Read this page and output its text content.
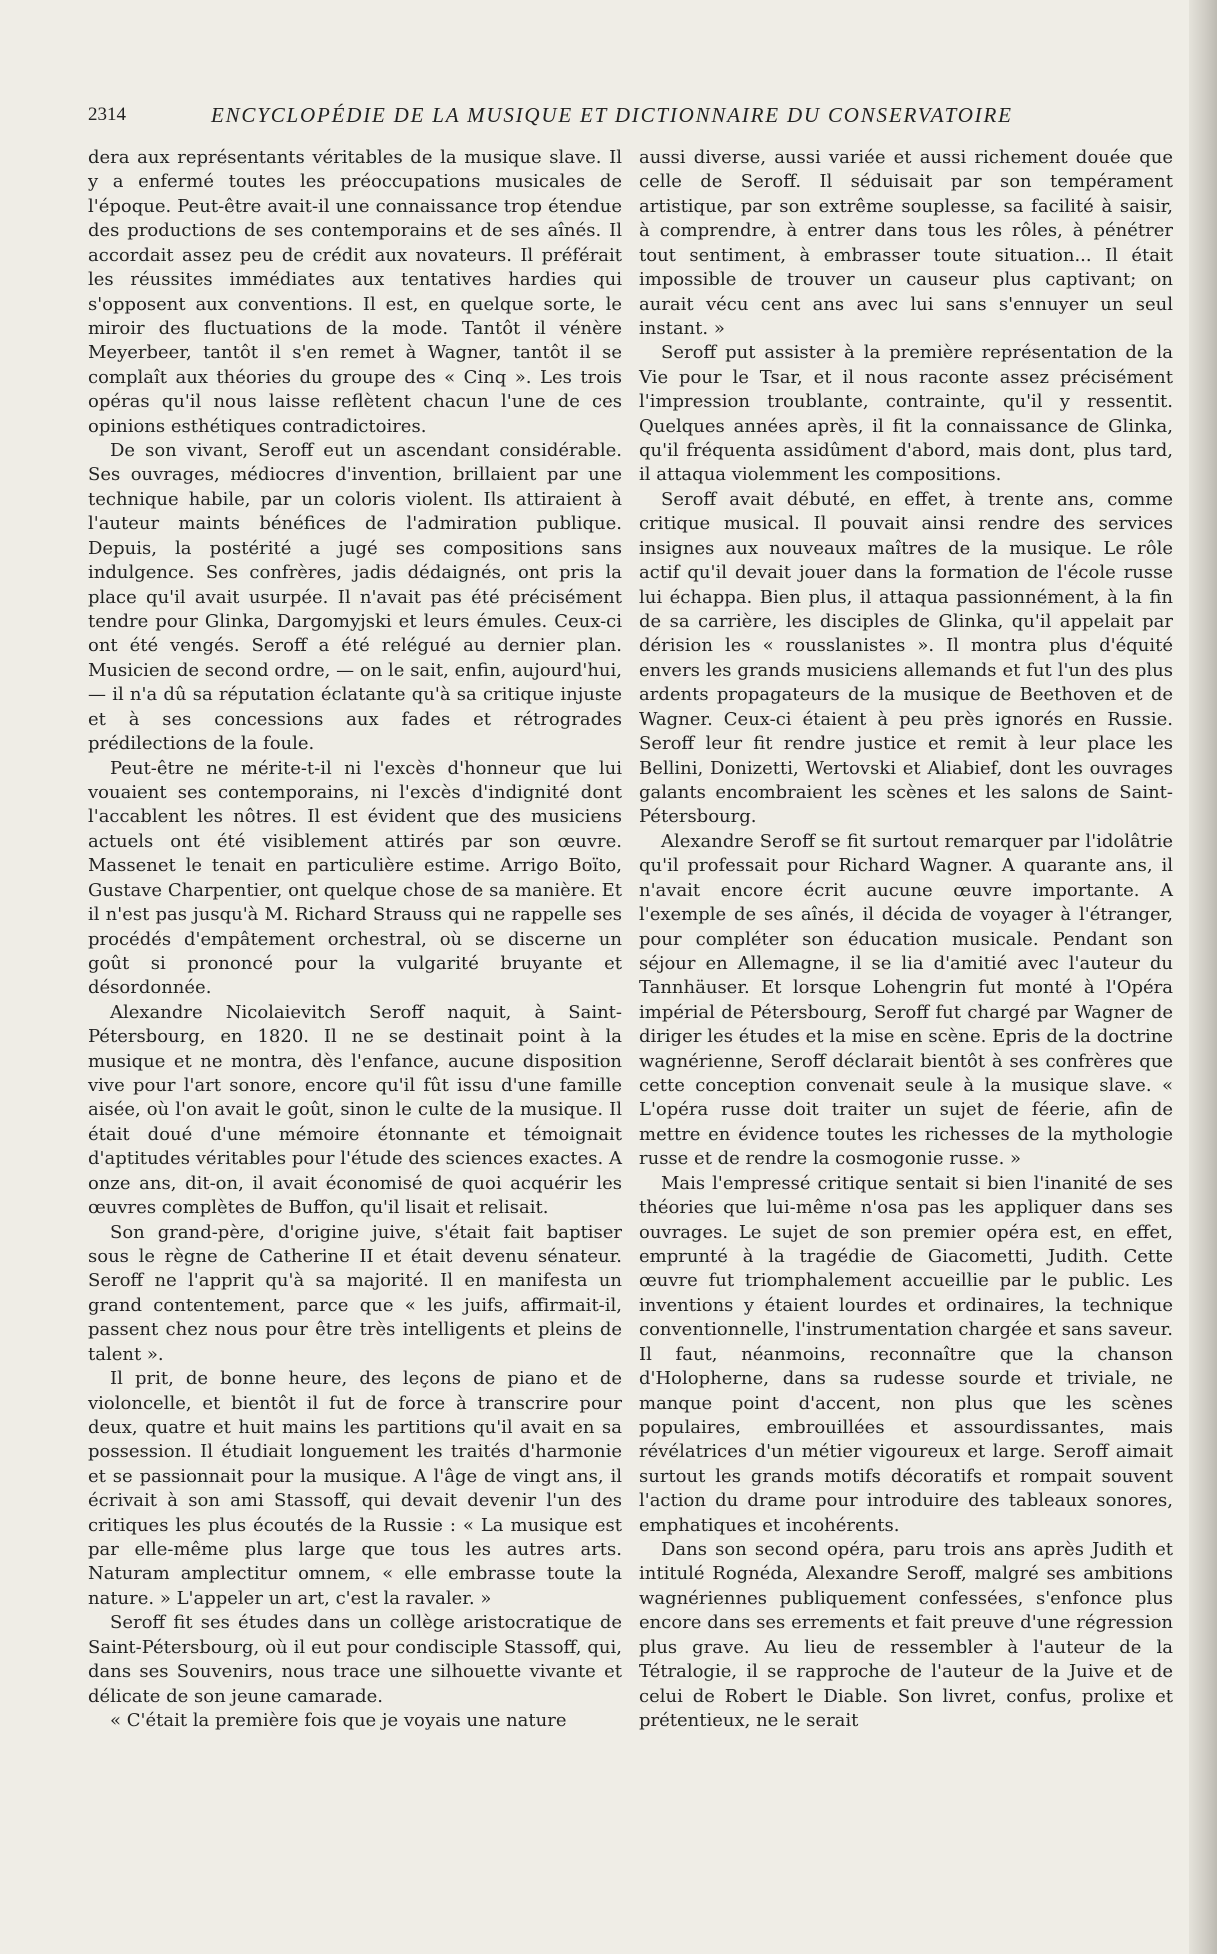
2314	ENCYCLOPÉDIE DE LA MUSIQUE ET DICTIONNAIRE DU CONSERVATOIRE

dera aux représentants véritables de la musique slave. Il y a enfermé toutes les préoccupations musicales de l'époque. Peut-être avait-il une connaissance trop étendue des productions de ses contemporains et de ses aînés. Il accordait assez peu de crédit aux novateurs. Il préférait les réussites immédiates aux tentatives hardies qui s'opposent aux conventions. Il est, en quelque sorte, le miroir des fluctuations de la mode. Tantôt il vénère Meyerbeer, tantôt il s'en remet à Wagner, tantôt il se complaît aux théories du groupe des « Cinq ». Les trois opéras qu'il nous laisse reflètent chacun l'une de ces opinions esthétiques contradictoires.

De son vivant, Seroff eut un ascendant considérable. Ses ouvrages, médiocres d'invention, brillaient par une technique habile, par un coloris violent. Ils attiraient à l'auteur maints bénéfices de l'admiration publique. Depuis, la postérité a jugé ses compositions sans indulgence. Ses confrères, jadis dédaignés, ont pris la place qu'il avait usurpée. Il n'avait pas été précisément tendre pour Glinka, Dargomyjski et leurs émules. Ceux-ci ont été vengés. Seroff a été relégué au dernier plan. Musicien de second ordre, — on le sait, enfin, aujourd'hui, — il n'a dû sa réputation éclatante qu'à sa critique injuste et à ses concessions aux fades et rétrogrades prédilections de la foule.

Peut-être ne mérite-t-il ni l'excès d'honneur que lui vouaient ses contemporains, ni l'excès d'indignité dont l'accablent les nôtres. Il est évident que des musiciens actuels ont été visiblement attirés par son œuvre. Massenet le tenait en particulière estime. Arrigo Boïto, Gustave Charpentier, ont quelque chose de sa manière. Et il n'est pas jusqu'à M. Richard Strauss qui ne rappelle ses procédés d'empâtement orchestral, où se discerne un goût si prononcé pour la vulgarité bruyante et désordonnée.

Alexandre Nicolaievitch Seroff naquit, à Saint-Pétersbourg, en 1820. Il ne se destinait point à la musique et ne montra, dès l'enfance, aucune disposition vive pour l'art sonore, encore qu'il fût issu d'une famille aisée, où l'on avait le goût, sinon le culte de la musique. Il était doué d'une mémoire étonnante et témoignait d'aptitudes véritables pour l'étude des sciences exactes. A onze ans, dit-on, il avait économisé de quoi acquérir les œuvres complètes de Buffon, qu'il lisait et relisait.

Son grand-père, d'origine juive, s'était fait baptiser sous le règne de Catherine II et était devenu sénateur. Seroff ne l'apprit qu'à sa majorité. Il en manifesta un grand contentement, parce que « les juifs, affirmait-il, passent chez nous pour être très intelligents et pleins de talent ».

Il prit, de bonne heure, des leçons de piano et de violoncelle, et bientôt il fut de force à transcrire pour deux, quatre et huit mains les partitions qu'il avait en sa possession. Il étudiait longuement les traités d'harmonie et se passionnait pour la musique. A l'âge de vingt ans, il écrivait à son ami Stassoff, qui devait devenir l'un des critiques les plus écoutés de la Russie : « La musique est par elle-même plus large que tous les autres arts. Naturam amplectitur omnem, « elle embrasse toute la nature. » L'appeler un art, c'est la ravaler. »

Seroff fit ses études dans un collège aristocratique de Saint-Pétersbourg, où il eut pour condisciple Stassoff, qui, dans ses Souvenirs, nous trace une silhouette vivante et délicate de son jeune camarade.

« C'était la première fois que je voyais une nature

aussi diverse, aussi variée et aussi richement douée que celle de Seroff. Il séduisait par son tempérament artistique, par son extrême souplesse, sa facilité à saisir, à comprendre, à entrer dans tous les rôles, à pénétrer tout sentiment, à embrasser toute situation... Il était impossible de trouver un causeur plus captivant; on aurait vécu cent ans avec lui sans s'ennuyer un seul instant. »

Seroff put assister à la première représentation de la Vie pour le Tsar, et il nous raconte assez précisément l'impression troublante, contrainte, qu'il y ressentit. Quelques années après, il fit la connaissance de Glinka, qu'il fréquenta assidûment d'abord, mais dont, plus tard, il attaqua violemment les compositions.

Seroff avait débuté, en effet, à trente ans, comme critique musical. Il pouvait ainsi rendre des services insignes aux nouveaux maîtres de la musique. Le rôle actif qu'il devait jouer dans la formation de l'école russe lui échappa. Bien plus, il attaqua passionnément, à la fin de sa carrière, les disciples de Glinka, qu'il appelait par dérision les « rousslanistes ». Il montra plus d'équité envers les grands musiciens allemands et fut l'un des plus ardents propagateurs de la musique de Beethoven et de Wagner. Ceux-ci étaient à peu près ignorés en Russie. Seroff leur fit rendre justice et remit à leur place les Bellini, Donizetti, Wertovski et Aliabief, dont les ouvrages galants encombraient les scènes et les salons de Saint-Pétersbourg.

Alexandre Seroff se fit surtout remarquer par l'idolâtrie qu'il professait pour Richard Wagner. A quarante ans, il n'avait encore écrit aucune œuvre importante. A l'exemple de ses aînés, il décida de voyager à l'étranger, pour compléter son éducation musicale. Pendant son séjour en Allemagne, il se lia d'amitié avec l'auteur du Tannhäuser. Et lorsque Lohengrin fut monté à l'Opéra impérial de Pétersbourg, Seroff fut chargé par Wagner de diriger les études et la mise en scène. Epris de la doctrine wagnérienne, Seroff déclarait bientôt à ses confrères que cette conception convenait seule à la musique slave. « L'opéra russe doit traiter un sujet de féerie, afin de mettre en évidence toutes les richesses de la mythologie russe et de rendre la cosmogonie russe. »

Mais l'empressé critique sentait si bien l'inanité de ses théories que lui-même n'osa pas les appliquer dans ses ouvrages. Le sujet de son premier opéra est, en effet, emprunté à la tragédie de Giacometti, Judith. Cette œuvre fut triomphalement accueillie par le public. Les inventions y étaient lourdes et ordinaires, la technique conventionnelle, l'instrumentation chargée et sans saveur. Il faut, néanmoins, reconnaître que la chanson d'Holopherne, dans sa rudesse sourde et triviale, ne manque point d'accent, non plus que les scènes populaires, embrouillées et assourdissantes, mais révélatrices d'un métier vigoureux et large. Seroff aimait surtout les grands motifs décoratifs et rompait souvent l'action du drame pour introduire des tableaux sonores, emphatiques et incohérents.

Dans son second opéra, paru trois ans après Judith et intitulé Rognéda, Alexandre Seroff, malgré ses ambitions wagnériennes publiquement confessées, s'enfonce plus encore dans ses errements et fait preuve d'une régression plus grave. Au lieu de ressembler à l'auteur de la Tétralogie, il se rapproche de l'auteur de la Juive et de celui de Robert le Diable. Son livret, confus, prolixe et prétentieux, ne le serait
